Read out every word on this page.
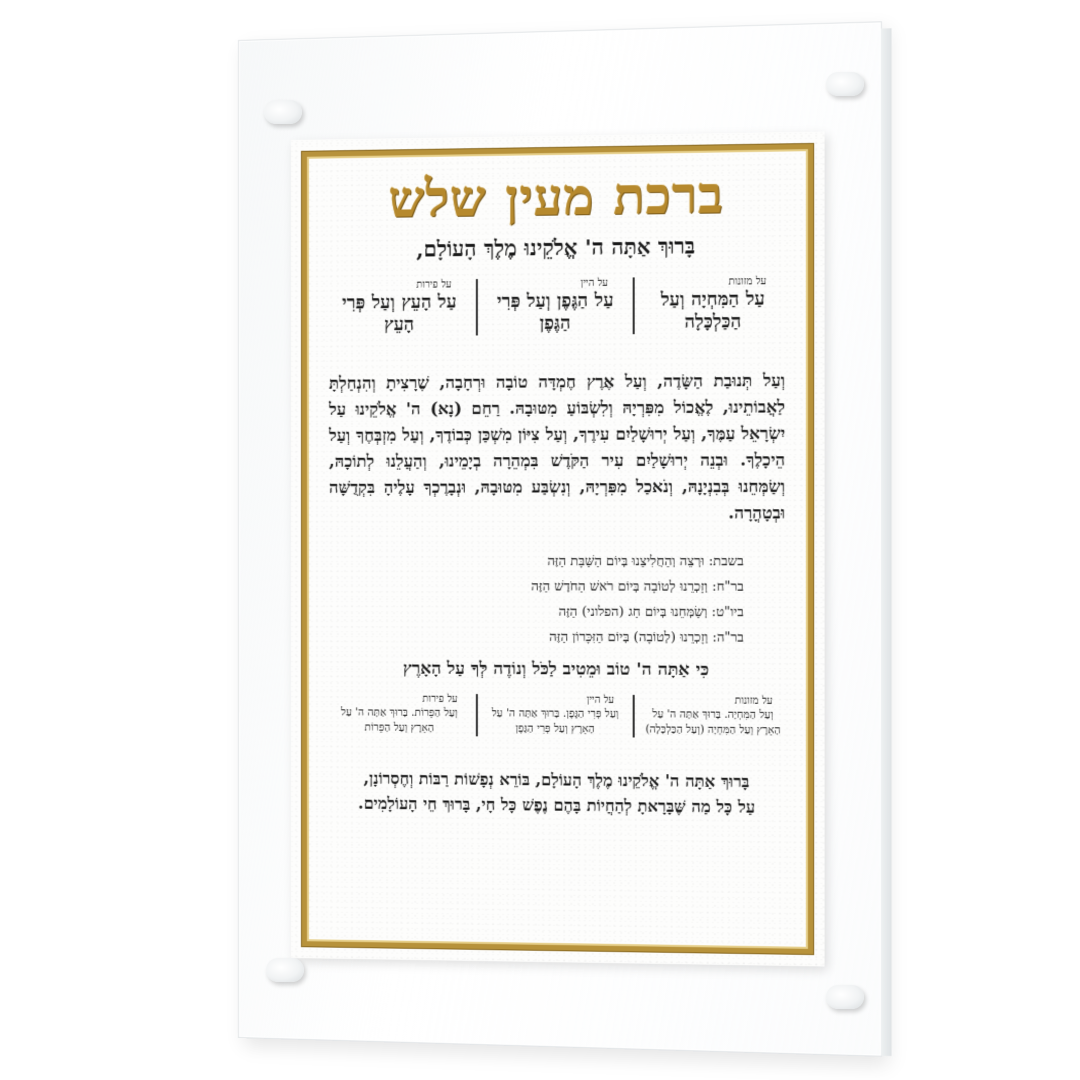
ברכת מעין שלש
בָּרוּךְ אַתָּה ה' אֱלֹקֵינוּ מֶלֶךְ הָעוֹלָם,
על מזונות
עַל הַמִּחְיָה וְעַל הַכַּלְכָּלָה
על היין
עַל הַגֶּפֶן וְעַל פְּרִי הַגֶּפֶן
על פירות
עַל הָעֵץ וְעַל פְּרִי הָעֵץ
וְעַל תְּנוּבַת הַשָּׂדֶה, וְעַל אֶרֶץ חֶמְדָּה טוֹבָה וּרְחָבָה, שֶׁרָצִיתָ וְהִנְחַלְתָּ לַאֲבוֹתֵינוּ, לֶאֱכוֹל מִפִּרְיָהּ וְלִשְׂבּוֹעַ מִטּוּבָהּ. רַחֵם (נָא) ה' אֱלֹקֵינוּ עַל יִשְׂרָאֵל עַמֶּךָ, וְעַל יְרוּשָׁלַיִם עִירֶךָ, וְעַל צִיּוֹן מִשְׁכַּן כְּבוֹדֶךָ, וְעַל מִזְבְּחֶךָ וְעַל הֵיכָלֶךָ. וּבְנֵה יְרוּשָׁלַיִם עִיר הַקֹּדֶשׁ בִּמְהֵרָה בְיָמֵינוּ, וְהַעֲלֵנוּ לְתוֹכָהּ, וְשַׂמְּחֵנוּ בְּבִנְיָנָהּ, וְנֹאכַל מִפִּרְיָהּ, וְנִשְׂבַּע מִטּוּבָהּ, וּנְבָרֶכְךָ עָלֶיהָ בִּקְדֻשָּׁה וּבְטָהֳרָה.
בשבת: וּרְצֵה וְהַחֲלִיצֵנוּ בְּיוֹם הַשַּׁבָּת הַזֶּה
בר"ח: וְזָכְרֵנוּ לְטוֹבָה בְּיוֹם רֹאשׁ הַחֹדֶשׁ הַזֶּה
ביו"ט: וְשַׂמְּחֵנוּ בְּיוֹם חַג (הפלוני) הַזֶּה
בר"ה: וְזָכְרֵנוּ (לְטוֹבָה) בְּיוֹם הַזִּכָּרוֹן הַזֶּה
כִּי אַתָּה ה' טוֹב וּמֵטִיב לַכֹּל וְנוֹדֶה לְּךָ עַל הָאָרֶץ
על מזונות
וְעַל הַמִּחְיָה. בָּרוּךְ אַתָּה ה' עַל הָאָרֶץ וְעַל הַמִּחְיָה (וְעַל הַכַּלְכָּלָה)
על היין
וְעַל פְּרִי הַגֶּפֶן. בָּרוּךְ אַתָּה ה' עַל הָאָרֶץ וְעַל פְּרִי הַגָּפֶן
על פירות
וְעַל הַפֵּרוֹת. בָּרוּךְ אַתָּה ה' עַל הָאָרֶץ וְעַל הַפֵּרוֹת
בָּרוּךְ אַתָּה ה' אֱלֹקֵינוּ מֶלֶךְ הָעוֹלָם, בּוֹרֵא נְפָשׁוֹת רַבּוֹת וְחֶסְרוֹנָן,
עַל כָּל מַה שֶּׁבָּרָאתָ לְהַחֲיוֹת בָּהֶם נֶפֶשׁ כָּל חָי, בָּרוּךְ חֵי הָעוֹלָמִים.
